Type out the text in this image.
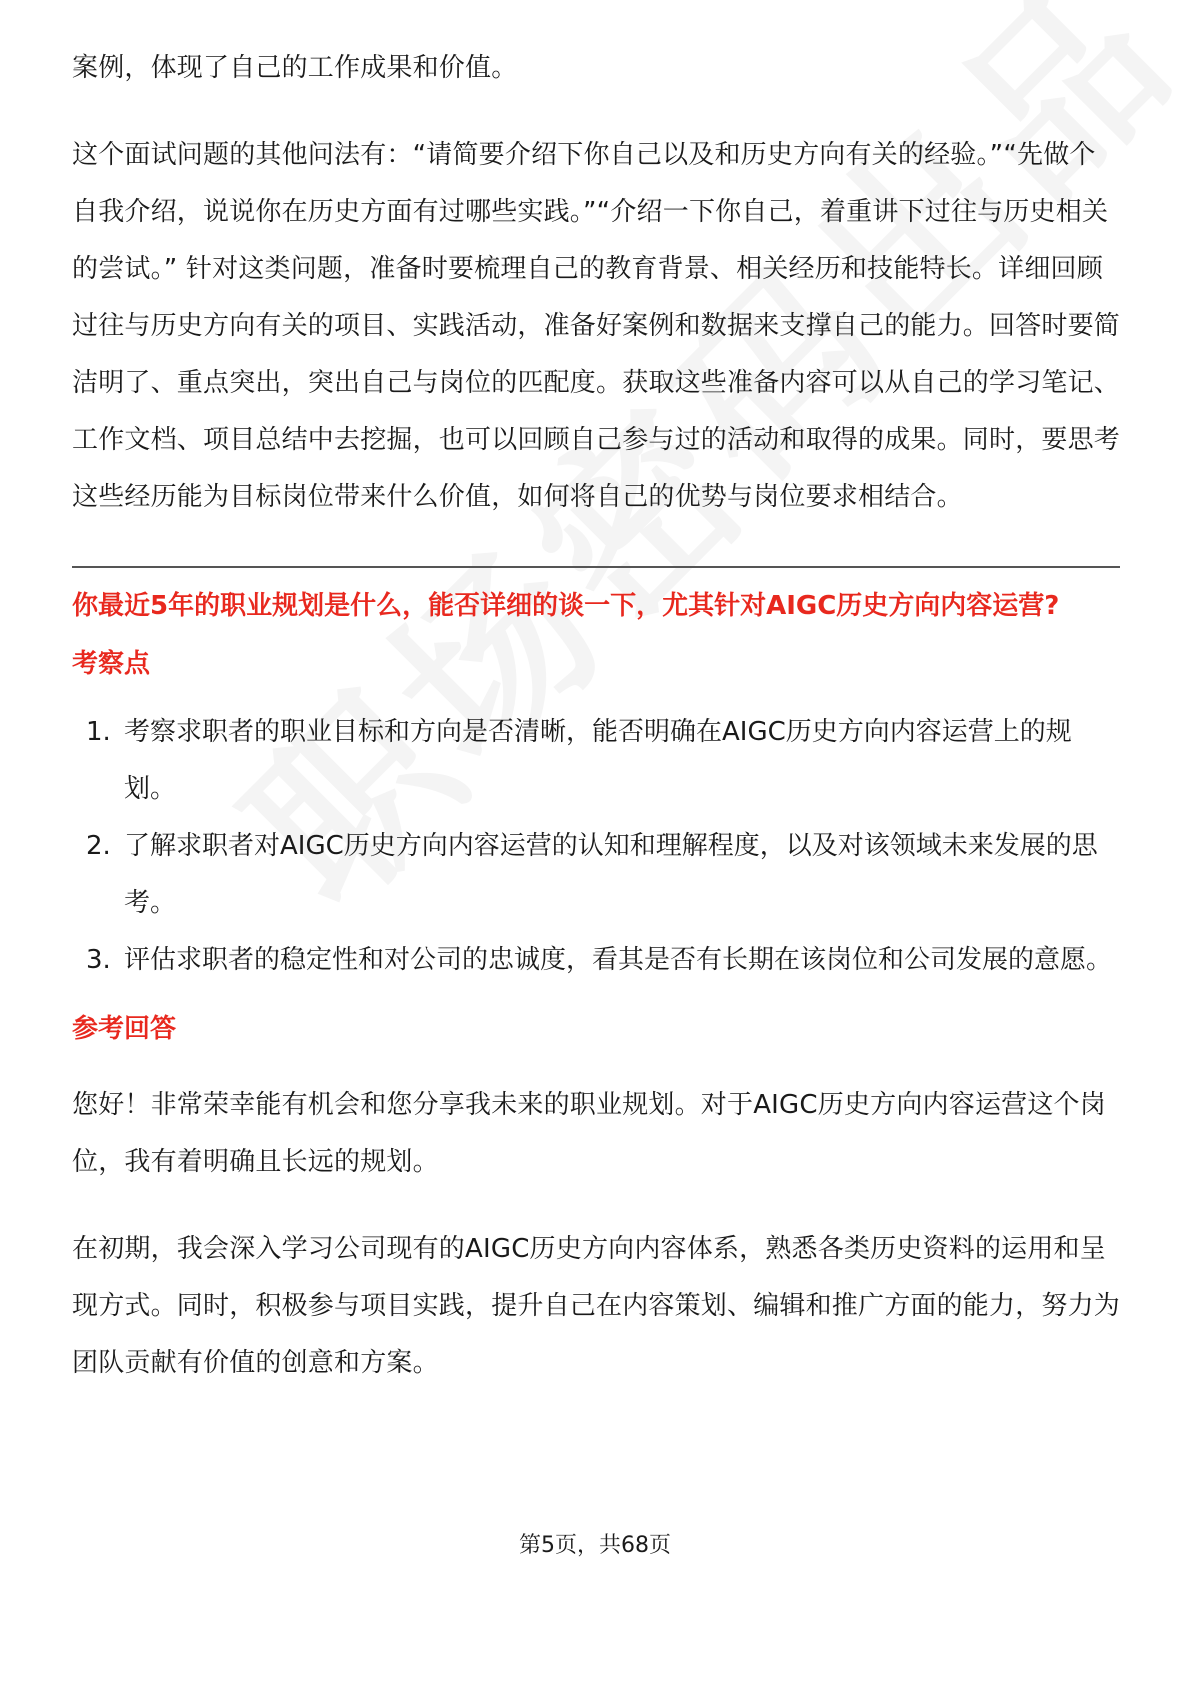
案例，体现了自己的工作成果和价值。

这个面试问题的其他问法有：“请简要介绍下你自己以及和历史方向有关的经验。”“先做个自我介绍，说说你在历史方面有过哪些实践。”“介绍一下你自己，着重讲下过往与历史相关的尝试。” 针对这类问题，准备时要梳理自己的教育背景、相关经历和技能特长。详细回顾过往与历史方向有关的项目、实践活动，准备好案例和数据来支撑自己的能力。回答时要简洁明了、重点突出，突出自己与岗位的匹配度。获取这些准备内容可以从自己的学习笔记、工作文档、项目总结中去挖掘，也可以回顾自己参与过的活动和取得的成果。同时，要思考这些经历能为目标岗位带来什么价值，如何将自己的优势与岗位要求相结合。

你最近5年的职业规划是什么，能否详细的谈一下，尤其针对AIGC历史方向内容运营?
考察点
1. 考察求职者的职业目标和方向是否清晰，能否明确在AIGC历史方向内容运营上的规划。
2. 了解求职者对AIGC历史方向内容运营的认知和理解程度，以及对该领域未来发展的思考。
3. 评估求职者的稳定性和对公司的忠诚度，看其是否有长期在该岗位和公司发展的意愿。
参考回答

您好！非常荣幸能有机会和您分享我未来的职业规划。对于AIGC历史方向内容运营这个岗位，我有着明确且长远的规划。

在初期，我会深入学习公司现有的AIGC历史方向内容体系，熟悉各类历史资料的运用和呈现方式。同时，积极参与项目实践，提升自己在内容策划、编辑和推广方面的能力，努力为团队贡献有价值的创意和方案。

第5页，共68页
